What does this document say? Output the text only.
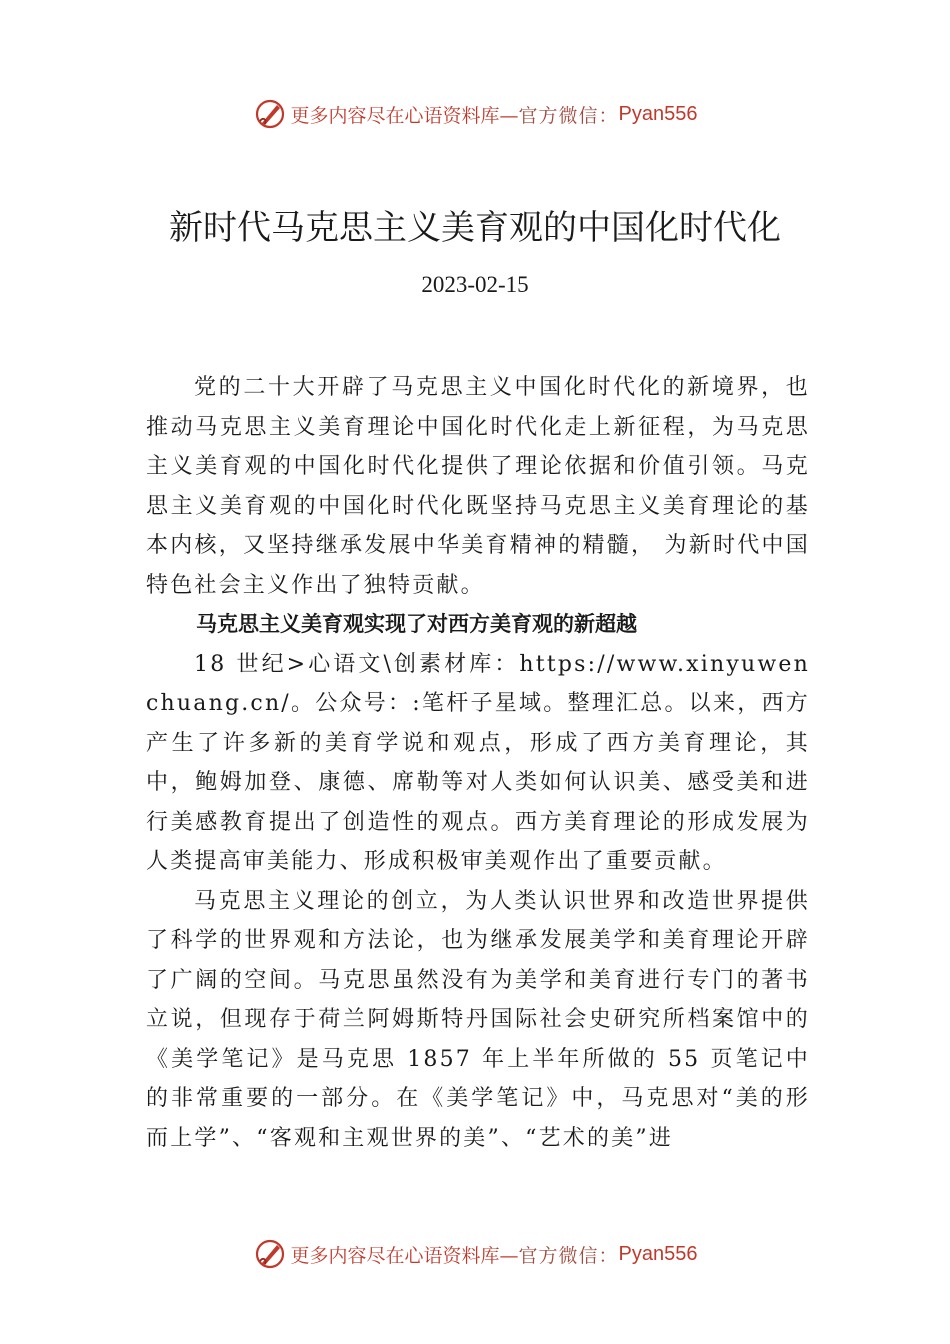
更多内容尽在心语资料库— 官方微信： Pyan556
新时代马克思主义美育观的中国化时代化
2023-02-15

党的二十大开辟了马克思主义中国化时代化的新境界，也推动马克思主义美育理论中国化时代化走上新征程，为马克思主义美育观的中国化时代化提供了理论依据和价值引领。马克思主义美育观的中国化时代化既坚持马克思主义美育理论的基本内核，又坚持继承发展中华美育精神的精髓， 为新时代中国特色社会主义作出了独特贡献。

马克思主义美育观实现了对西方美育观的新超越

18 世纪>心语文\创素材库：https://www.xinyuwenchuang.cn/。公众号：:笔杆子星域。整理汇总。以来，西方产生了许多新的美育学说和观点，形成了西方美育理论，其中，鲍姆加登、康德、席勒等对人类如何认识美、感受美和进行美感教育提出了创造性的观点。西方美育理论的形成发展为人类提高审美能力、形成积极审美观作出了重要贡献。

马克思主义理论的创立，为人类认识世界和改造世界提供了科学的世界观和方法论，也为继承发展美学和美育理论开辟了广阔的空间。马克思虽然没有为美学和美育进行专门的著书立说，但现存于荷兰阿姆斯特丹国际社会史研究所档案馆中的《美学笔记》是马克思 1857 年上半年所做的 55 页笔记中的非常重要的一部分。在《美学笔记》中，马克思对“美的形而上学”、“客观和主观世界的美”、“艺术的美”进

更多内容尽在心语资料库— 官方微信： Pyan556
